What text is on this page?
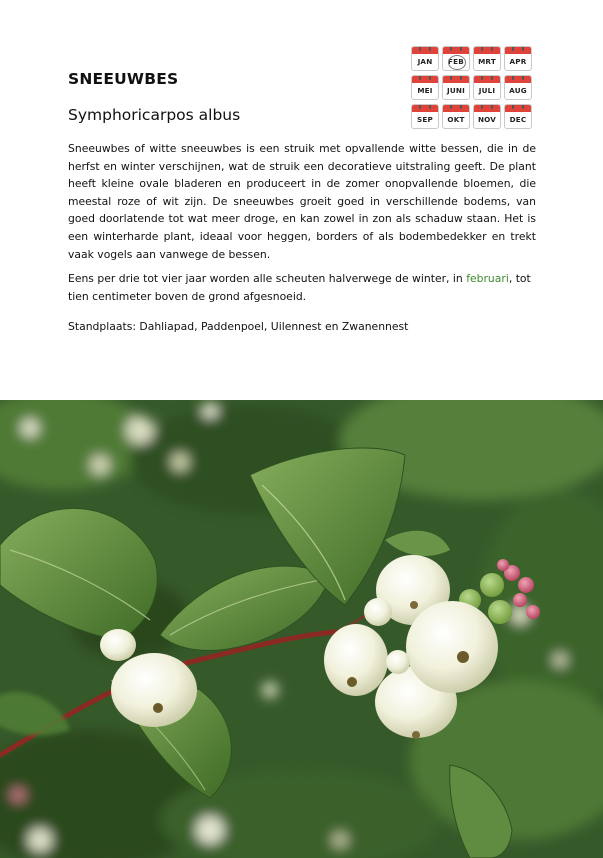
SNEEUWBES
Symphoricarpos albus
JAN	FEB	MRT	APR
MEI	JUNI	JULI	AUG
SEP	OKT	NOV	DEC

Sneeuwbes of witte sneeuwbes is een struik met opvallende witte bessen, die in de herfst en winter verschijnen, wat de struik een decoratieve uitstraling geeft. De plant heeft kleine ovale bladeren en produceert in de zomer onopvallende bloemen, die meestal roze of wit zijn. De sneeuwbes groeit goed in verschillende bodems, van goed doorlatende tot wat meer droge, en kan zowel in zon als schaduw staan. Het is een winterharde plant, ideaal voor heggen, borders of als bodembedekker en trekt vaak vogels aan vanwege de bessen.

Eens per drie tot vier jaar worden alle scheuten halverwege de winter, in februari, tot tien centimeter boven de grond afgesnoeid.

Standplaats: Dahliapad, Paddenpoel, Uilennest en Zwanennest
